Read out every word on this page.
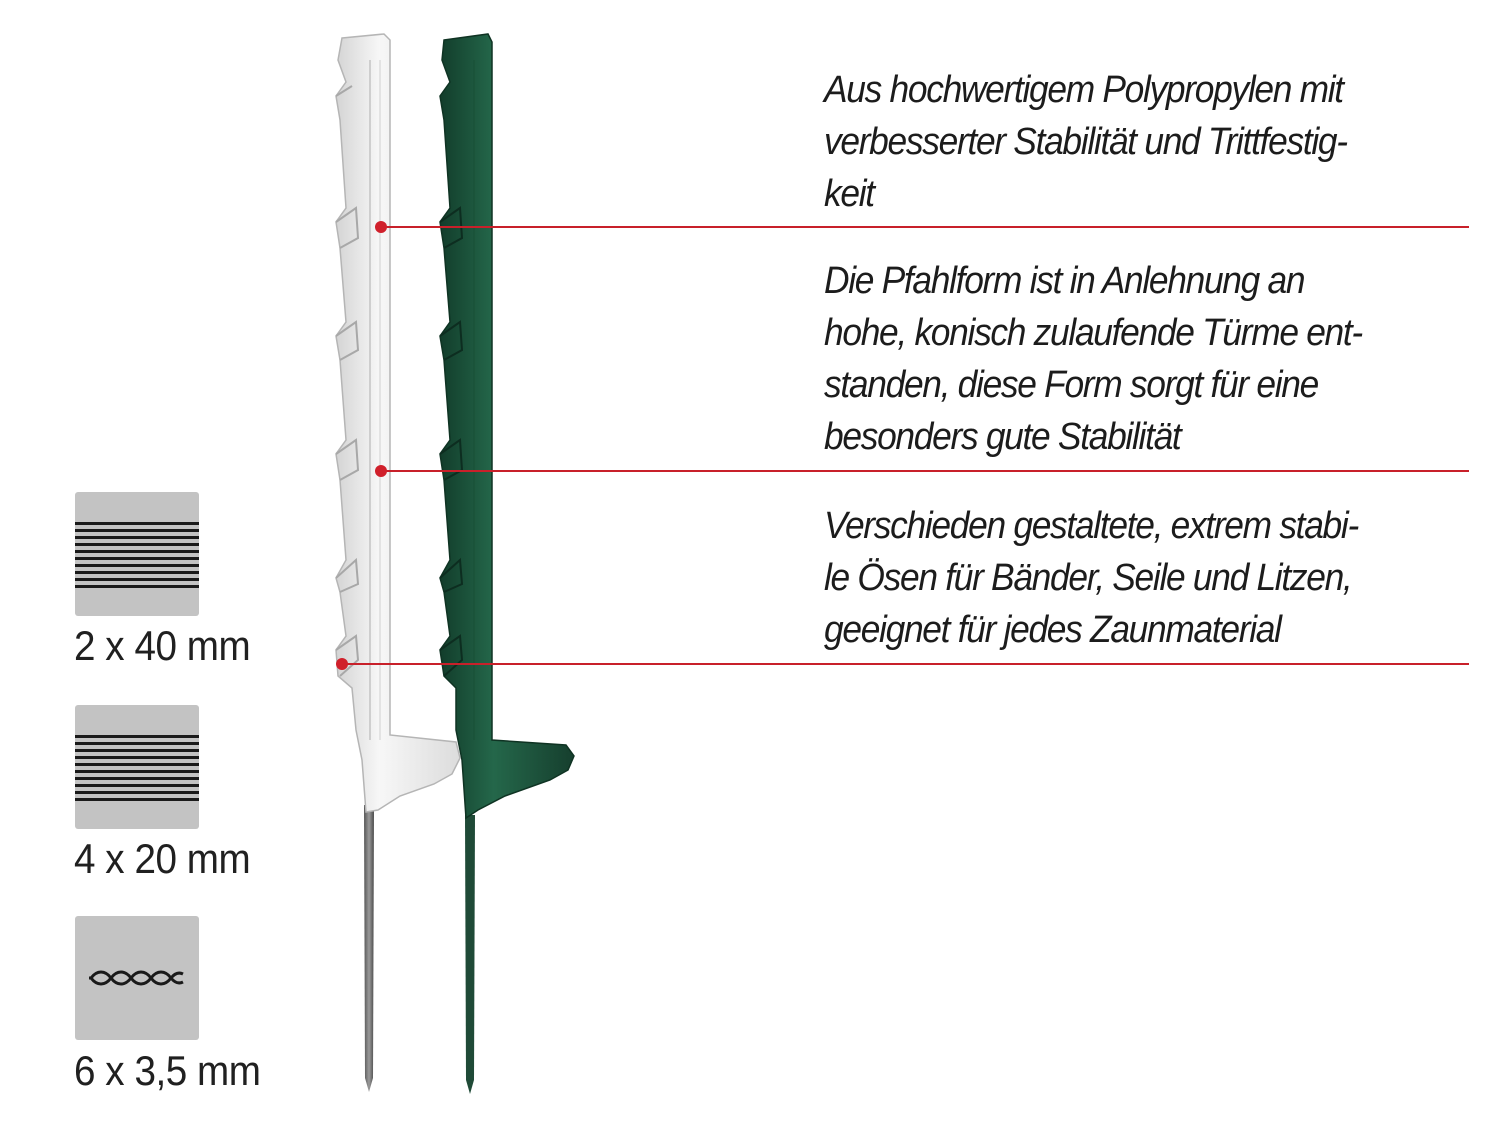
Aus hochwertigem Polypropylen mit
verbesserter Stabilität und Trittfestig-
keit
Die Pfahlform ist in Anlehnung an
hohe, konisch zulaufende Türme ent-
standen, diese Form sorgt für eine
besonders gute Stabilität
Verschieden gestaltete, extrem stabi-
le Ösen für Bänder, Seile und Litzen,
geeignet für jedes Zaunmaterial
2 x 40 mm
4 x 20 mm
6 x 3,5 mm
